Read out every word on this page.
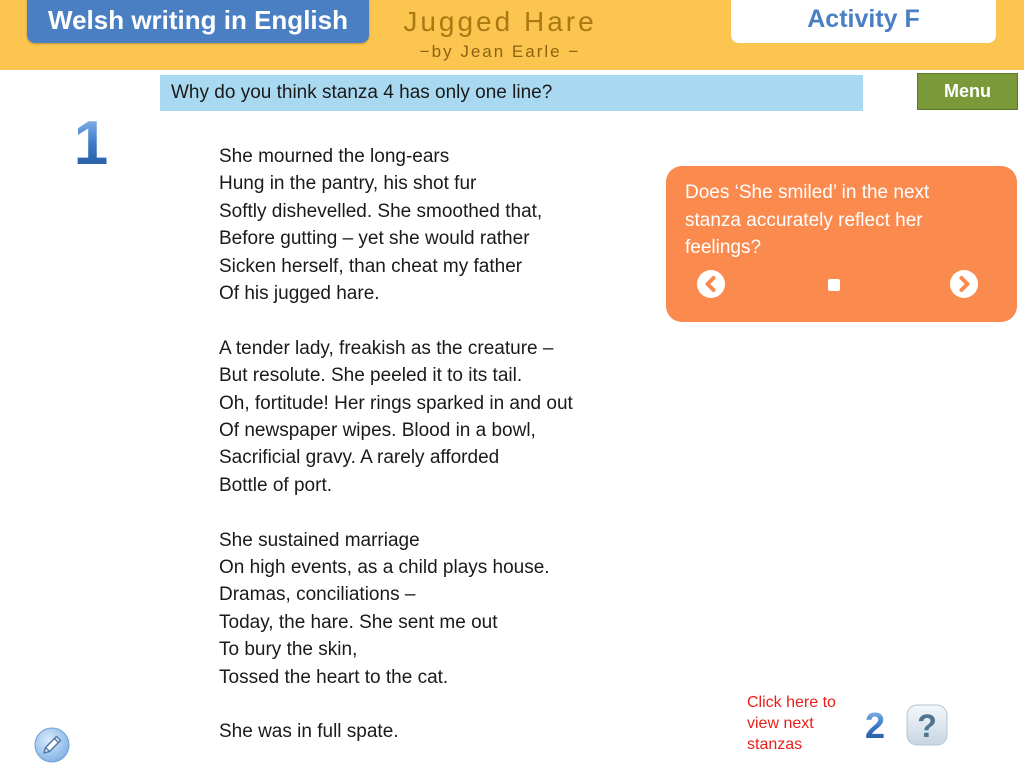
Welsh writing in English	Jugged Hare
−by Jean Earle −
Activity F
Why do you think stanza 4 has only one line?	Menu
1	She mourned the long-ears
Hung in the pantry, his shot fur
Softly dishevelled. She smoothed that,
Before gutting – yet she would rather
Sicken herself, than cheat my father
Of his jugged hare.
A tender lady, freakish as the creature –
But resolute. She peeled it to its tail.
Oh, fortitude! Her rings sparked in and out
Of newspaper wipes. Blood in a bowl,
Sacrificial gravy. A rarely afforded
Bottle of port.
She sustained marriage
On high events, as a child plays house.
Dramas, conciliations –
Today, the hare. She sent me out
To bury the skin,
Tossed the heart to the cat.
She was in full spate.
Does ‘She smiled’ in the next stanza accurately reflect her feelings?
Click here to view next stanzas	2 ?
